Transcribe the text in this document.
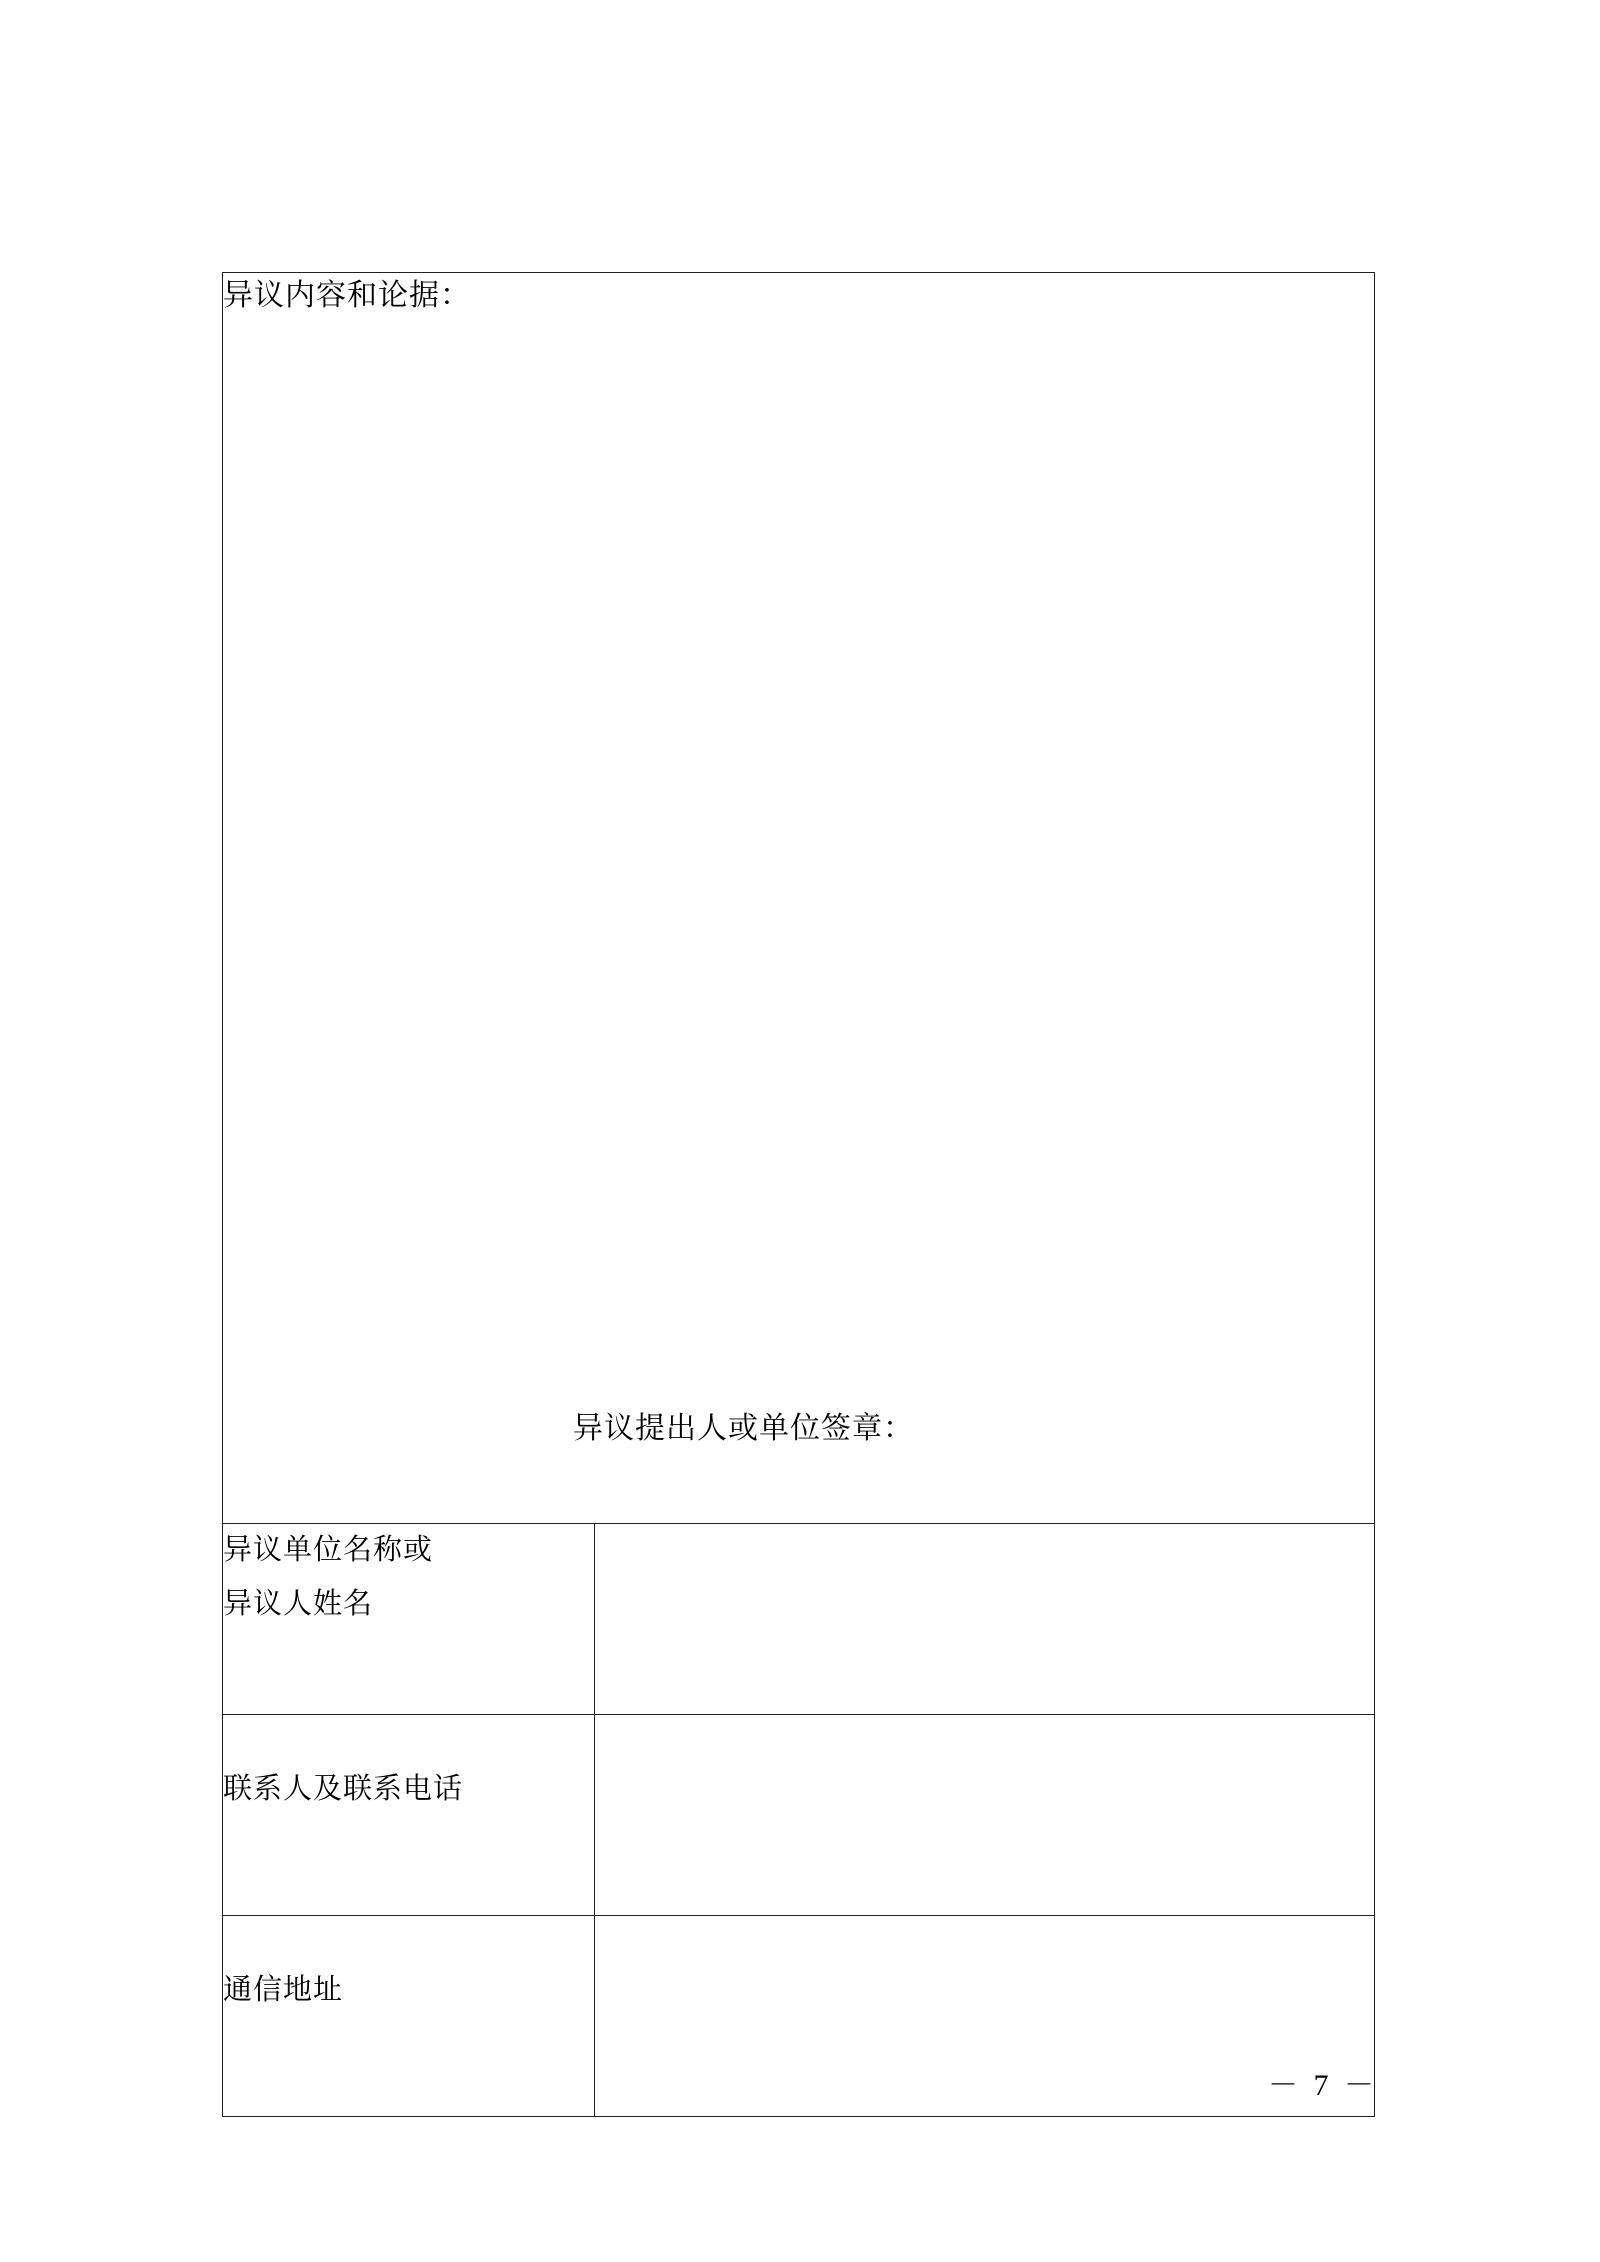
异议内容和论据：
异议提出人或单位签章：	

异议单位名称或
异议人姓名	

联系人及联系电话	

通信地址	

－ 7 －
